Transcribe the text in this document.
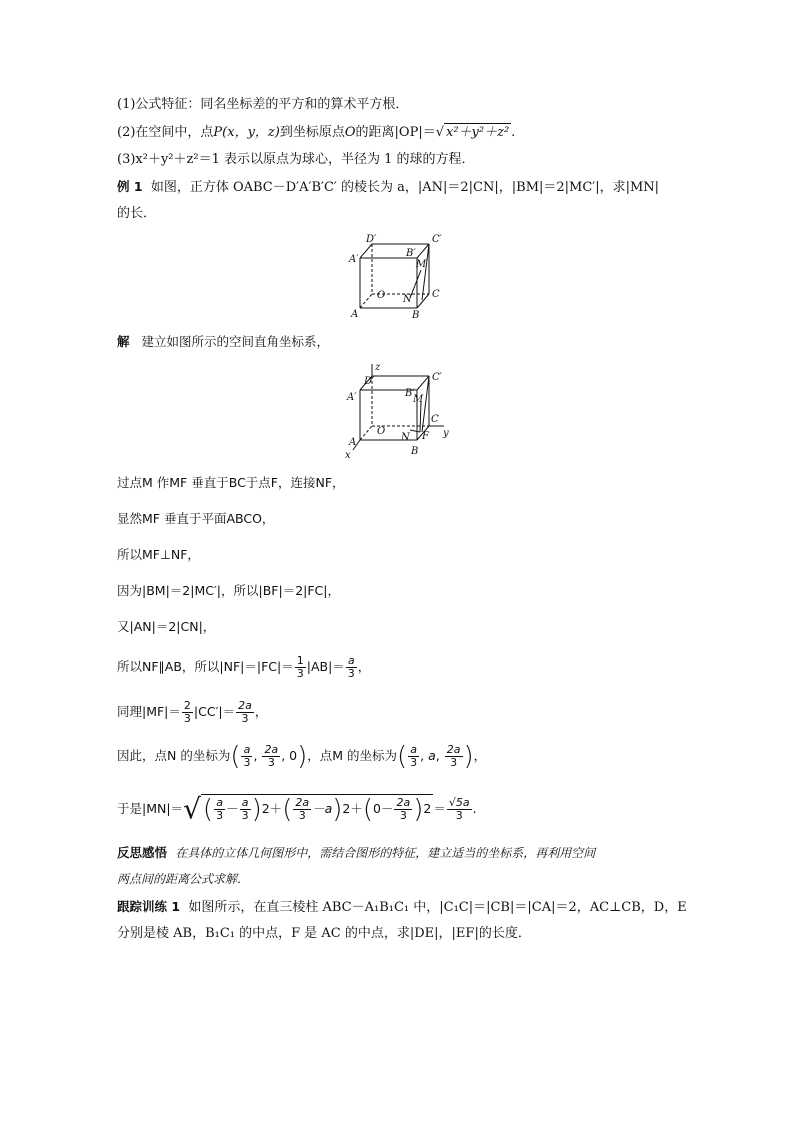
(1)公式特征：同名坐标差的平方和的算术平方根．
(2)在空间中，点P(x，y，z)到坐标原点O的距离|OP|＝√ x²＋y²＋z² .
(3)x²＋y²＋z²＝1 表示以原点为球心，半径为 1 的球的方程．
例 1 如图，正方体 OABC－D′A′B′C′ 的棱长为 a，|AN|＝2|CN|，|BM|＝2|MC′|，求|MN|
的长．
D′	C′
A′
B′
M
O N C
A	B
解 建立如图所示的空间直角坐标系，
z
D′	C′
A′	B′
M
C
O
N F y
A
B
x
过点M 作MF 垂直于BC于点F，连接NF，
显然MF 垂直于平面ABCO，
所以MF⊥NF，
因为|BM|＝2|MC′|，所以|BF|＝2|FC|，
又|AN|＝2|CN|，
所以NF∥AB，所以$|NF|=|FC|= \frac{1}{3} |AB|= \frac{a}{3}$ ，
同理$|MF|= \frac{2}{3} |CC'|= \frac{2a}{3}$ ，
因此，点N 的坐标为( $\frac{a}{3}$ , $\frac{2a}{3}$ , 0)，点M 的坐标为( $\frac{a}{3}$ , a, $\frac{2a}{3}$ )，
于是$|MN|=√( \frac{a}{3} - \frac{a}{3} )2+( \frac{2a}{3} -a)2+(0- \frac{2a}{3} )2 = \frac{√5a}{3}$ .
反思感悟 在具体的立体几何图形中，需结合图形的特征，建立适当的坐标系，再利用空间
两点间的距离公式求解．
跟踪训练 1 如图所示，在直三棱柱 ABC－A₁B₁C₁ 中，|C₁C|＝|CB|＝|CA|＝2，AC⊥CB，D，E
分别是棱 AB，B₁C₁ 的中点，F 是 AC 的中点，求|DE|，|EF|的长度．
